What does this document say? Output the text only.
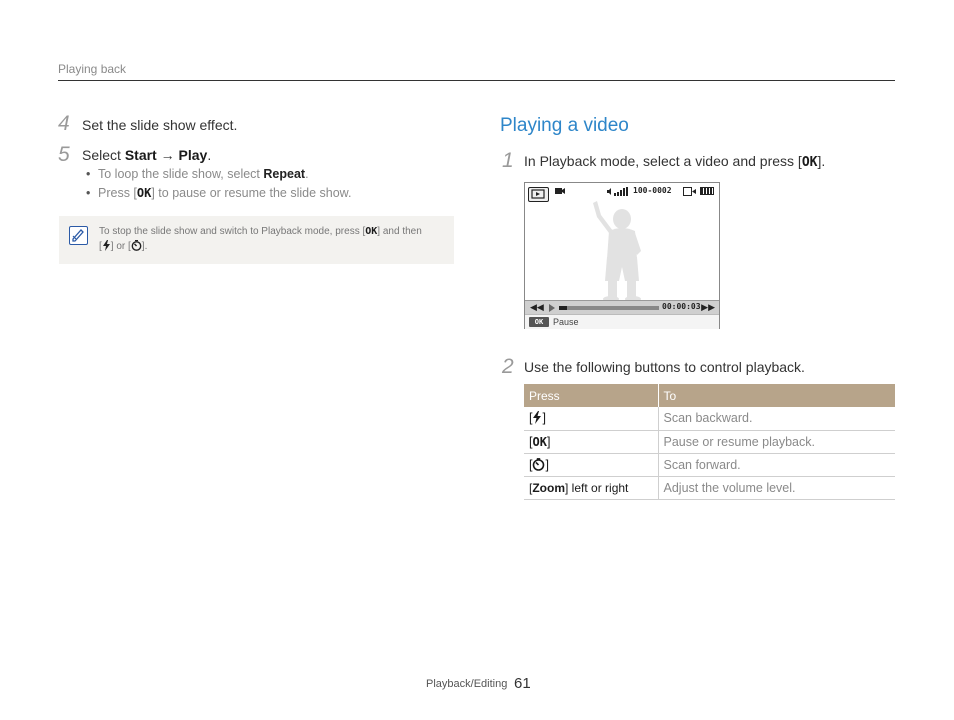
Playing back
4 Set the slide show effect.
5 Select Start → Play.
• To loop the slide show, select Repeat.
• Press [OK] to pause or resume the slide show.
To stop the slide show and switch to Playback mode, press [OK] and then
[ ] or [ ].
Playing a video
1 In Playback mode, select a video and press [OK].
100-0002
◀◀	00:00:03 ▶▶
OK	Pause
2 Use the following buttons to control playback.
Press	To
[ ]	Scan backward.
[OK]	Pause or resume playback.
[ ]	Scan forward.
[Zoom] left or right	Adjust the volume level.
Playback/Editing 61
